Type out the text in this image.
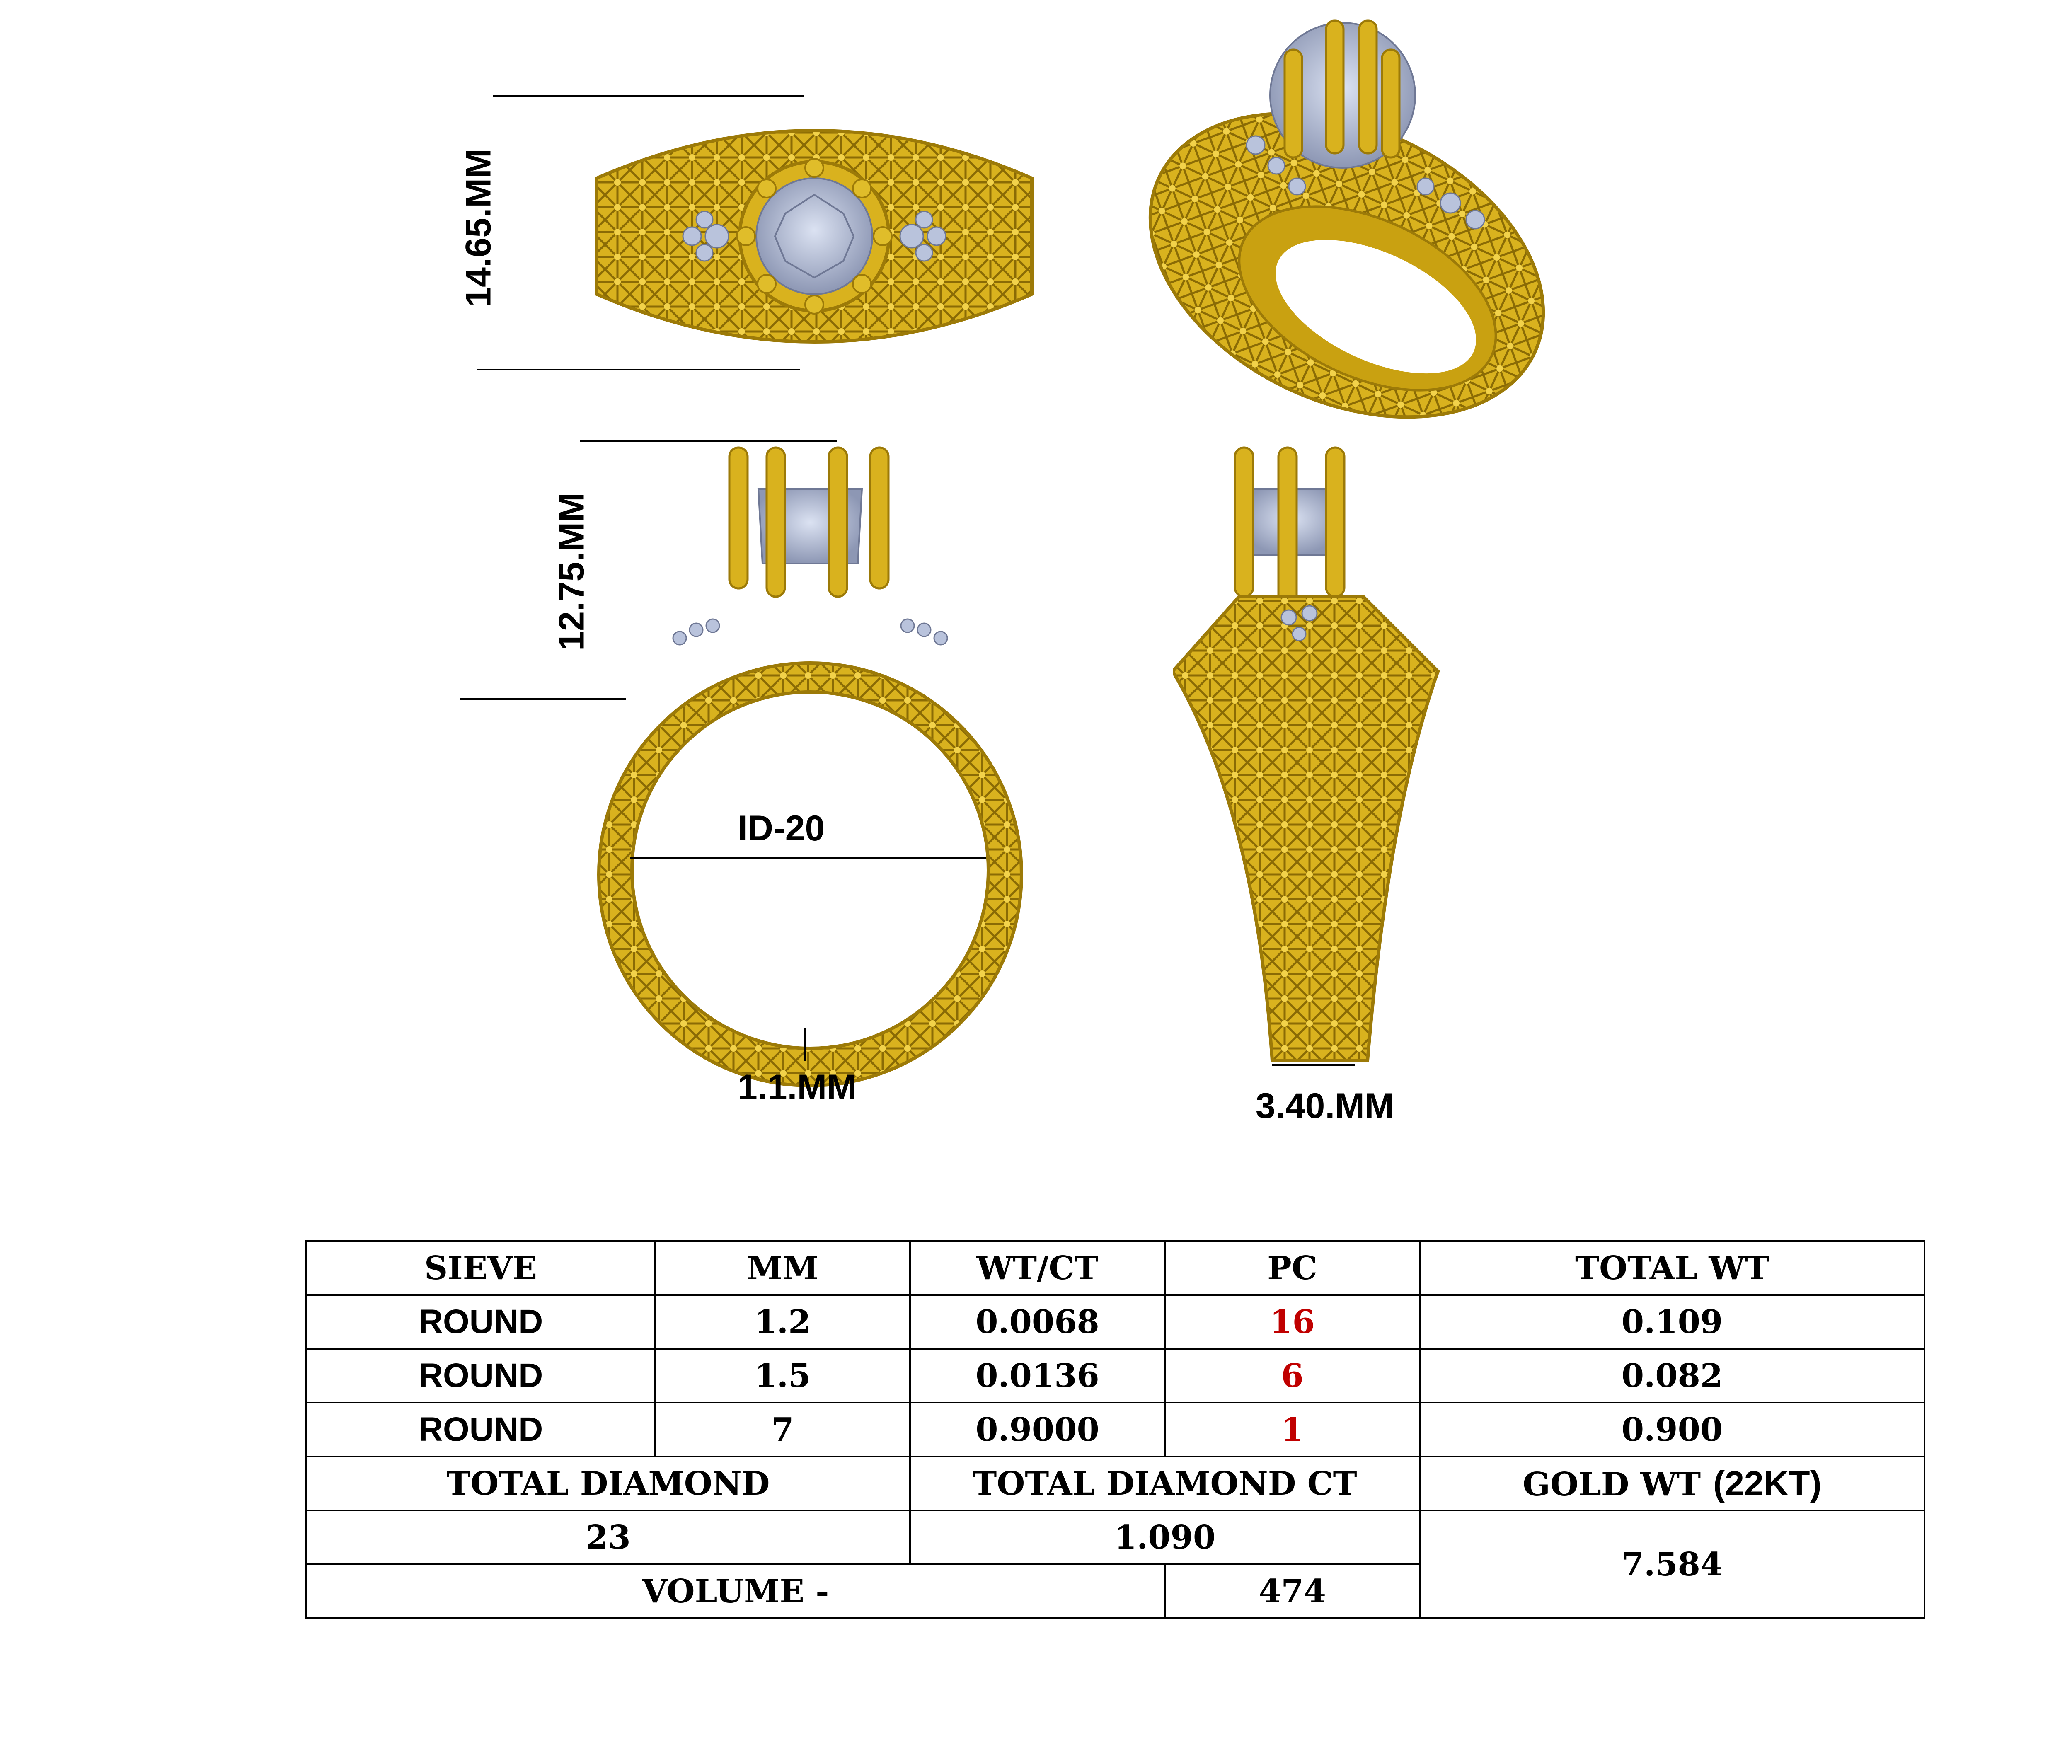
14.65.MM
12.75.MM
ID-20
1.1.MM	3.40.MM
SIEVE	MM	WT/CT	PC	TOTAL WT
ROUND	1.2	0.0068	16	0.109
ROUND	1.5	0.0136	6	0.082
ROUND	7	0.9000	1	0.900
TOTAL DIAMOND		TOTAL DIAMOND CT		GOLD WT (22KT)
23		1.090		7.584
VOLUME -			474	
